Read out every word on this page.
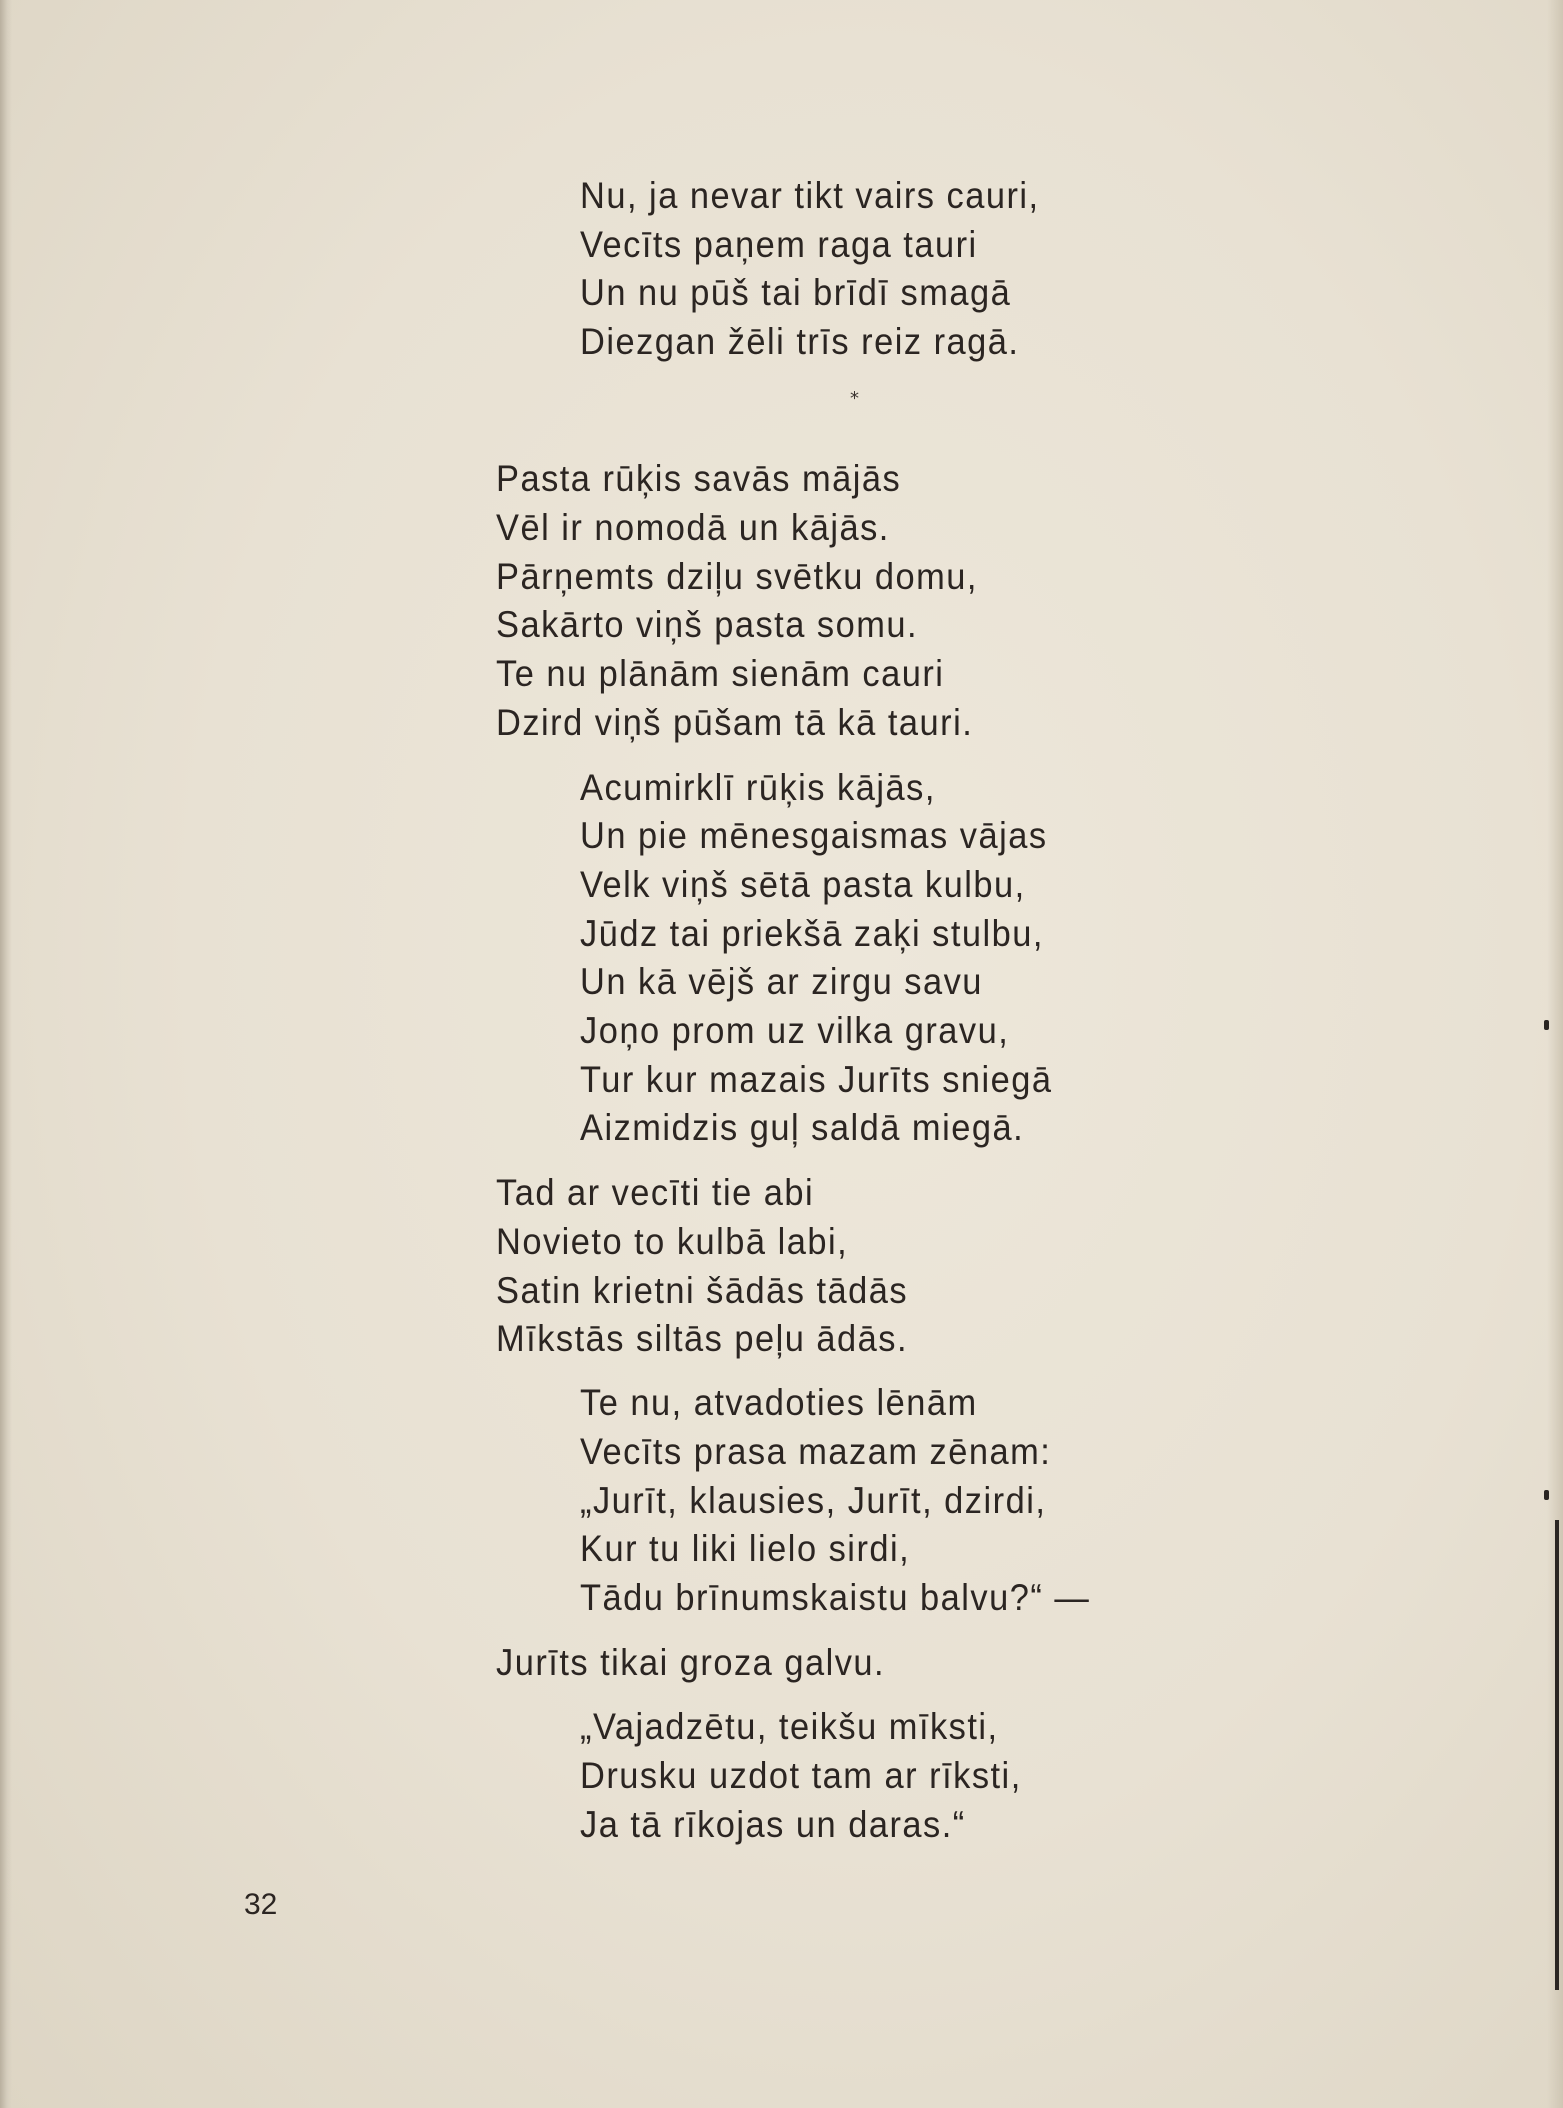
Nu, ja nevar tikt vairs cauri,
Vecīts paņem raga tauri
Un nu pūš tai brīdī smagā
Diezgan žēli trīs reiz ragā.
*
Pasta rūķis savās mājās
Vēl ir nomodā un kājās.
Pārņemts dziļu svētku domu,
Sakārto viņš pasta somu.
Te nu plānām sienām cauri
Dzird viņš pūšam tā kā tauri.
Acumirklī rūķis kājās,
Un pie mēnesgaismas vājas
Velk viņš sētā pasta kulbu,
Jūdz tai priekšā zaķi stulbu,
Un kā vējš ar zirgu savu
Joņo prom uz vilka gravu,
Tur kur mazais Jurīts sniegā
Aizmidzis guļ saldā miegā.
Tad ar vecīti tie abi
Novieto to kulbā labi,
Satin krietni šādās tādās
Mīkstās siltās peļu ādās.
Te nu, atvadoties lēnām
Vecīts prasa mazam zēnam:
„Jurīt, klausies, Jurīt, dzirdi,
Kur tu liki lielo sirdi,
Tādu brīnumskaistu balvu?“ —
Jurīts tikai groza galvu.
„Vajadzētu, teikšu mīksti,
Drusku uzdot tam ar rīksti,
Ja tā rīkojas un daras.“
32
